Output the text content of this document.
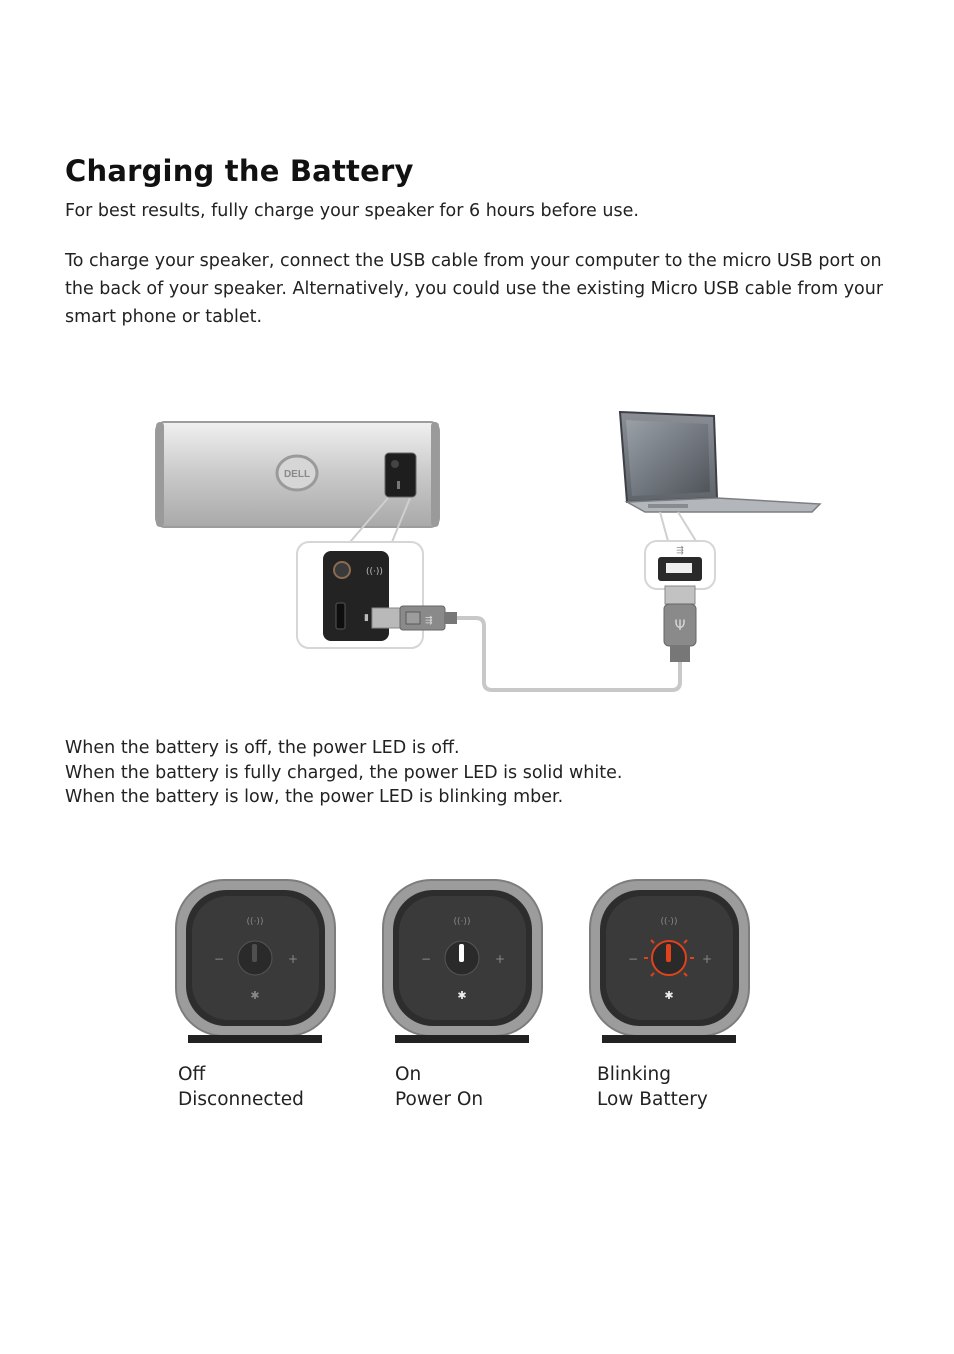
Charging the Battery

For best results, fully charge your speaker for 6 hours before use.

To charge your speaker, connect the USB cable from your computer to the micro USB port on the back of your speaker. Alternatively, you could use the existing Micro USB cable from your smart phone or tablet.

DELL
((·))
▮	⇶
⇶
Ψ
When the battery is off, the power LED is off.
When the battery is fully charged, the power LED is solid white.
When the battery is low, the power LED is blinking mber.
−	+
((·))
✱
−	+
((·))
✱
−	+
((·))
✱
Off
Disconnected
On
Power On
Blinking
Low Battery
